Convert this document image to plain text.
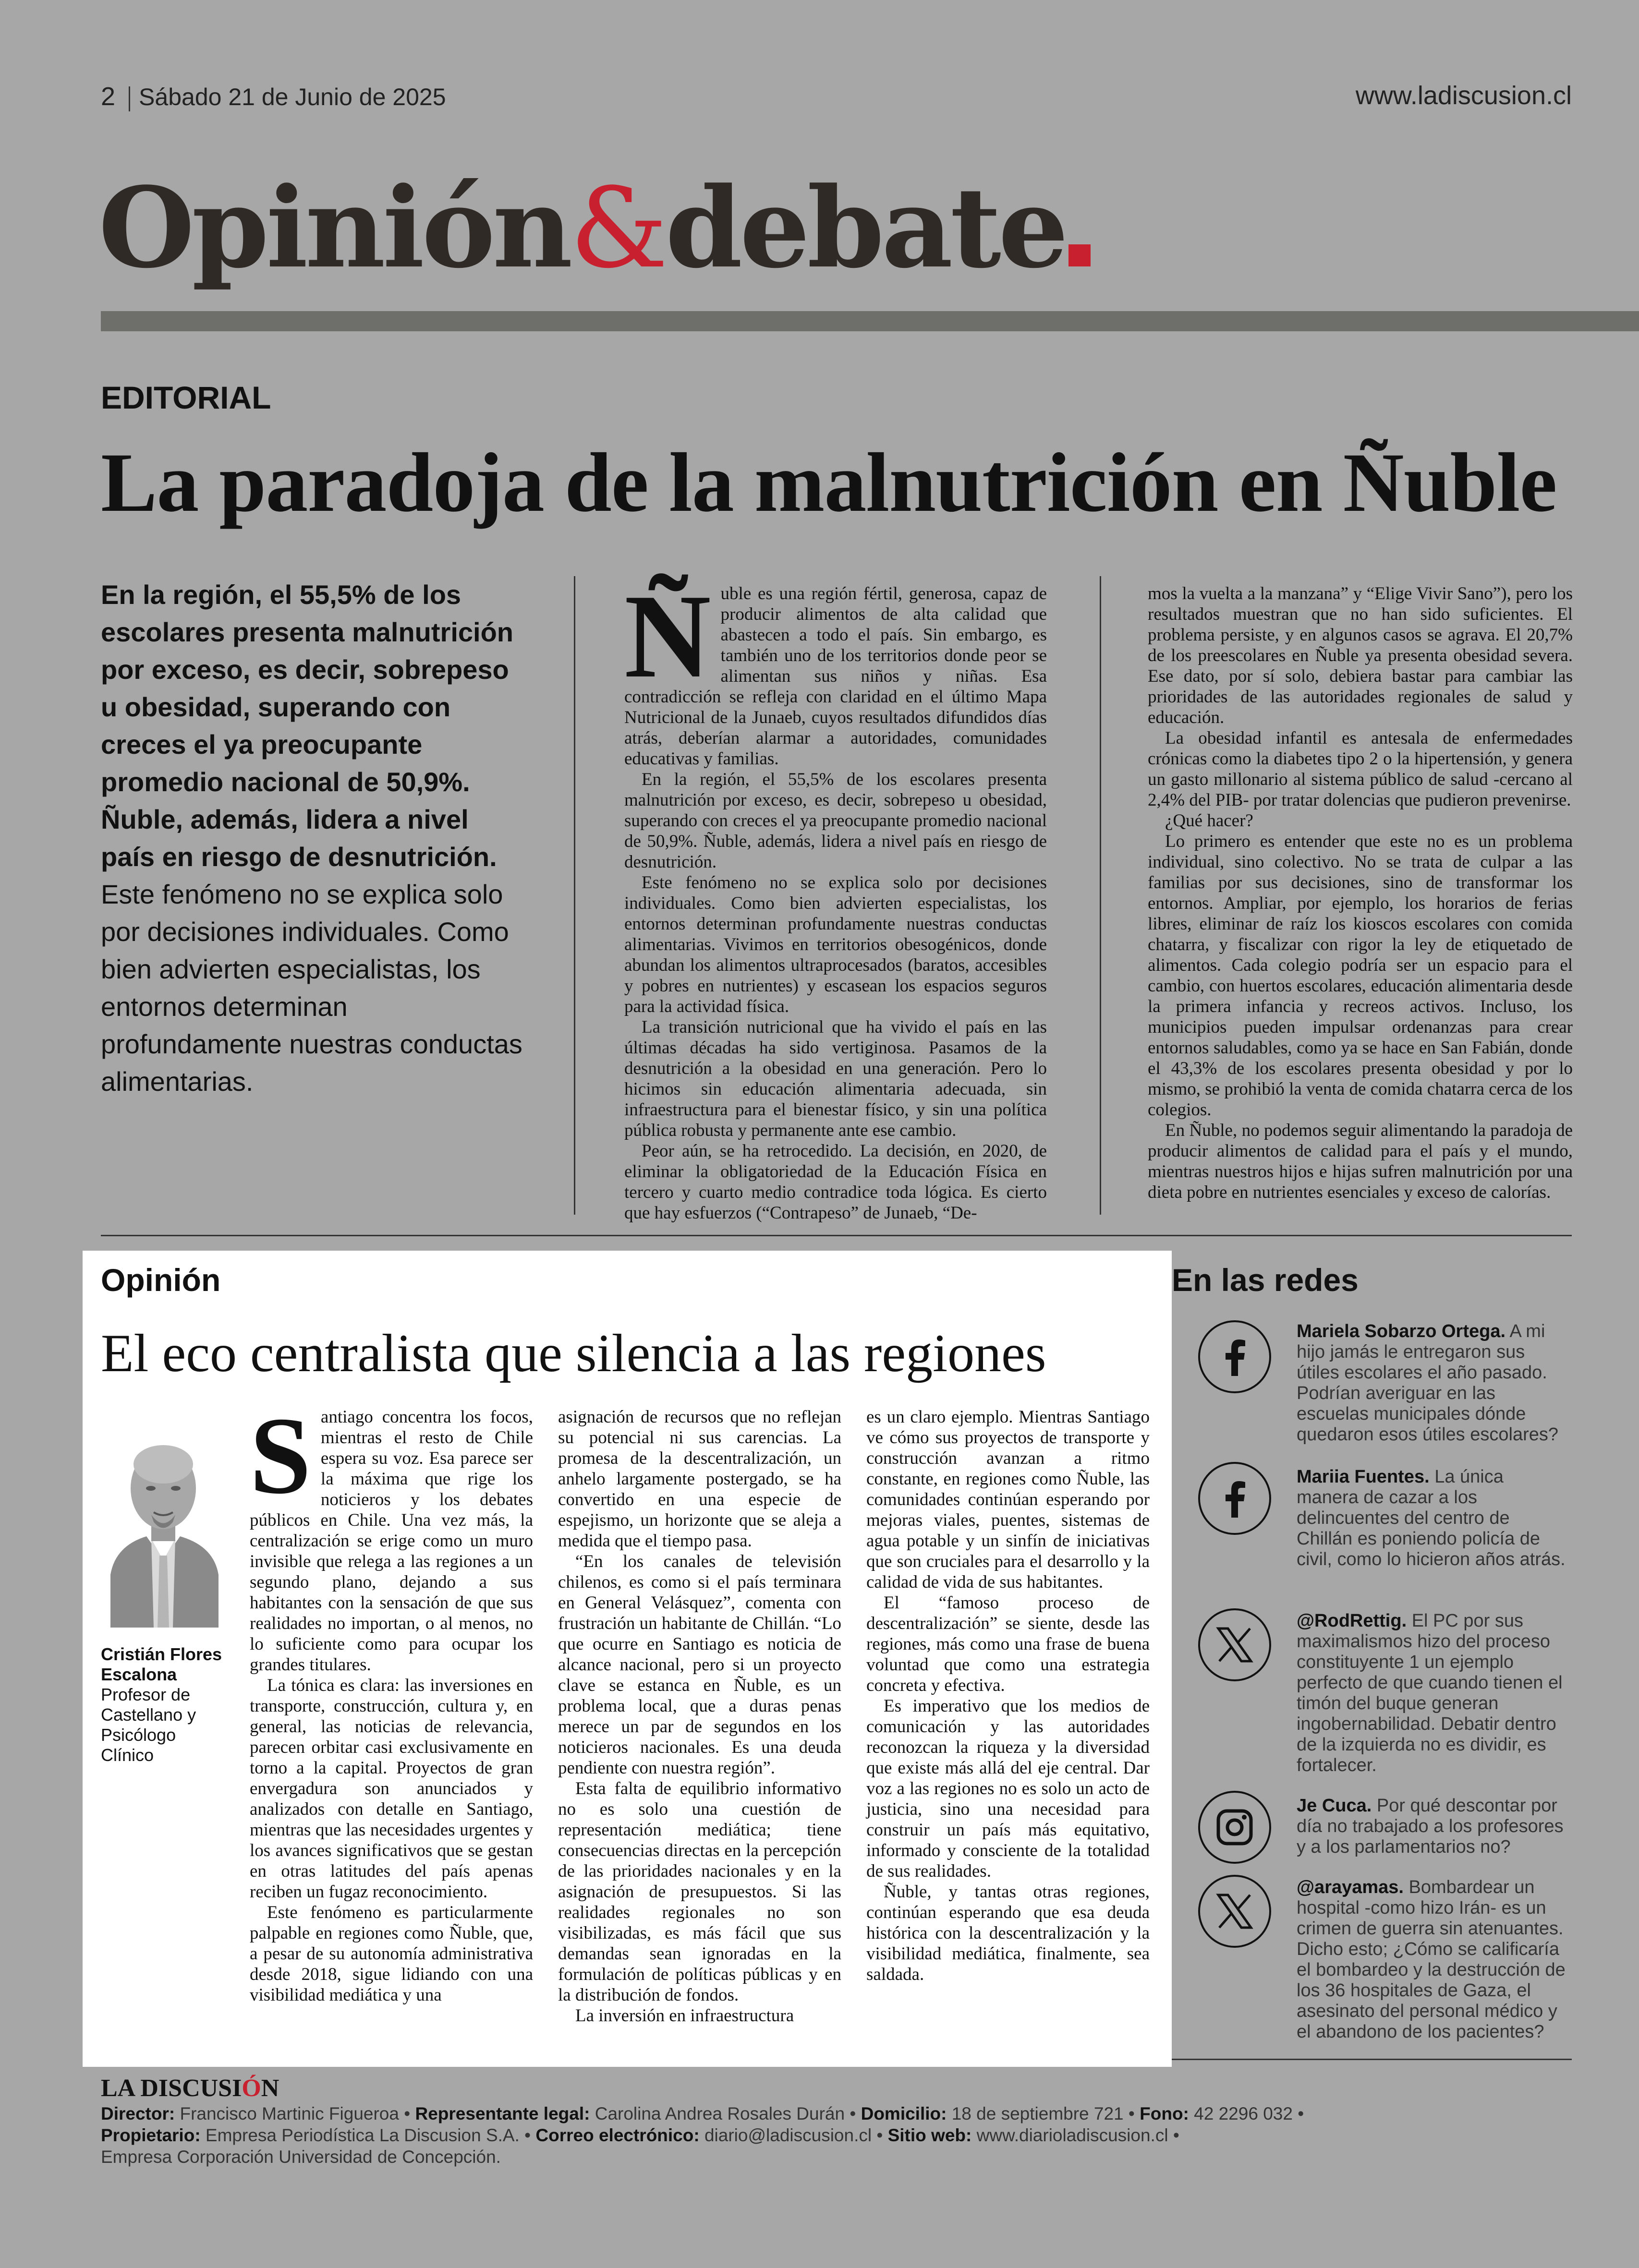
2 Sábado 21 de Junio de 2025	www.ladiscusion.cl
Opinión&debate
EDITORIAL
La paradoja de la malnutrición en Ñuble
En la región, el 55,5% de los escolares presenta malnutrición por exceso, es decir, sobrepeso u obesidad, superando con creces el ya preocupante promedio nacional de 50,9%. Ñuble, además, lidera a nivel país en riesgo de desnutrición. Este fenómeno no se explica solo por decisiones individuales. Como bien advierten especialistas, los entornos determinan profundamente nuestras conductas alimentarias.
Ñ uble es una región fértil, generosa, capaz de producir alimentos de alta calidad que abastecen a todo el país. Sin embargo, es también uno de los territorios donde peor se alimentan sus niños y niñas. Esa contradicción se refleja con claridad en el último Mapa Nutricional de la Junaeb, cuyos resultados difundidos días atrás, deberían alarmar a autoridades, comunidades educativas y familias.

En la región, el 55,5% de los escolares presenta malnutrición por exceso, es decir, sobrepeso u obesidad, superando con creces el ya preocupante promedio nacional de 50,9%. Ñuble, además, lidera a nivel país en riesgo de desnutrición.

Este fenómeno no se explica solo por decisiones individuales. Como bien advierten especialistas, los entornos determinan profundamente nuestras conductas alimentarias. Vivimos en territorios obesogénicos, donde abundan los alimentos ultraprocesados (baratos, accesibles y pobres en nutrientes) y escasean los espacios seguros para la actividad física.

La transición nutricional que ha vivido el país en las últimas décadas ha sido vertiginosa. Pasamos de la desnutrición a la obesidad en una generación. Pero lo hicimos sin educación alimentaria adecuada, sin infraestructura para el bienestar físico, y sin una política pública robusta y permanente ante ese cambio.

Peor aún, se ha retrocedido. La decisión, en 2020, de eliminar la obligatoriedad de la Educación Física en tercero y cuarto medio contradice toda lógica. Es cierto que hay esfuerzos (“Contrapeso” de Junaeb, “De-

mos la vuelta a la manzana” y “Elige Vivir Sano”), pero los resultados muestran que no han sido suficientes. El problema persiste, y en algunos casos se agrava. El 20,7% de los preescolares en Ñuble ya presenta obesidad severa. Ese dato, por sí solo, debiera bastar para cambiar las prioridades de las autoridades regionales de salud y educación.

La obesidad infantil es antesala de enfermedades crónicas como la diabetes tipo 2 o la hipertensión, y genera un gasto millonario al sistema público de salud -cercano al 2,4% del PIB- por tratar dolencias que pudieron prevenirse.

¿Qué hacer?

Lo primero es entender que este no es un problema individual, sino colectivo. No se trata de culpar a las familias por sus decisiones, sino de transformar los entornos. Ampliar, por ejemplo, los horarios de ferias libres, eliminar de raíz los kioscos escolares con comida chatarra, y fiscalizar con rigor la ley de etiquetado de alimentos. Cada colegio podría ser un espacio para el cambio, con huertos escolares, educación alimentaria desde la primera infancia y recreos activos. Incluso, los municipios pueden impulsar ordenanzas para crear entornos saludables, como ya se hace en San Fabián, donde el 43,3% de los escolares presenta obesidad y por lo mismo, se prohibió la venta de comida chatarra cerca de los colegios.

En Ñuble, no podemos seguir alimentando la paradoja de producir alimentos de calidad para el país y el mundo, mientras nuestros hijos e hijas sufren malnutrición por una dieta pobre en nutrientes esenciales y exceso de calorías.

Opinión
El eco centralista que silencia a las regiones
Cristián Flores Escalona
Profesor de Castellano y Psicólogo Clínico
S antiago concentra los focos, mientras el resto de Chile espera su voz. Esa parece ser la máxima que rige los noticieros y los debates públicos en Chile. Una vez más, la centralización se erige como un muro invisible que relega a las regiones a un segundo plano, dejando a sus habitantes con la sensación de que sus realidades no importan, o al menos, no lo suficiente como para ocupar los grandes titulares.

La tónica es clara: las inversiones en transporte, construcción, cultura y, en general, las noticias de relevancia, parecen orbitar casi exclusivamente en torno a la capital. Proyectos de gran envergadura son anunciados y analizados con detalle en Santiago, mientras que las necesidades urgentes y los avances significativos que se gestan en otras latitudes del país apenas reciben un fugaz reconocimiento.

Este fenómeno es particularmente palpable en regiones como Ñuble, que, a pesar de su autonomía administrativa desde 2018, sigue lidiando con una visibilidad mediática y una

asignación de recursos que no reflejan su potencial ni sus carencias. La promesa de la descentralización, un anhelo largamente postergado, se ha convertido en una especie de espejismo, un horizonte que se aleja a medida que el tiempo pasa.

“En los canales de televisión chilenos, es como si el país terminara en General Velásquez”, comenta con frustración un habitante de Chillán. “Lo que ocurre en Santiago es noticia de alcance nacional, pero si un proyecto clave se estanca en Ñuble, es un problema local, que a duras penas merece un par de segundos en los noticieros nacionales. Es una deuda pendiente con nuestra región”.

Esta falta de equilibrio informativo no es solo una cuestión de representación mediática; tiene consecuencias directas en la percepción de las prioridades nacionales y en la asignación de presupuestos. Si las realidades regionales no son visibilizadas, es más fácil que sus demandas sean ignoradas en la formulación de políticas públicas y en la distribución de fondos.

La inversión en infraestructura

es un claro ejemplo. Mientras Santiago ve cómo sus proyectos de transporte y construcción avanzan a ritmo constante, en regiones como Ñuble, las comunidades continúan esperando por mejoras viales, puentes, sistemas de agua potable y un sinfín de iniciativas que son cruciales para el desarrollo y la calidad de vida de sus habitantes.

El “famoso proceso de descentralización” se siente, desde las regiones, más como una frase de buena voluntad que como una estrategia concreta y efectiva.

Es imperativo que los medios de comunicación y las autoridades reconozcan la riqueza y la diversidad que existe más allá del eje central. Dar voz a las regiones no es solo un acto de justicia, sino una necesidad para construir un país más equitativo, informado y consciente de la totalidad de sus realidades.

Ñuble, y tantas otras regiones, continúan esperando que esa deuda histórica con la descentralización y la visibilidad mediática, finalmente, sea saldada.

En las redes
Mariela Sobarzo Ortega. A mi hijo jamás le entregaron sus útiles escolares el año pasado. Podrían averiguar en las escuelas municipales dónde quedaron esos útiles escolares?
Mariia Fuentes. La única manera de cazar a los delincuentes del centro de Chillán es poniendo policía de civil, como lo hicieron años atrás.
@RodRettig. El PC por sus maximalismos hizo del proceso constituyente 1 un ejemplo perfecto de que cuando tienen el timón del buque generan ingobernabilidad. Debatir dentro de la izquierda no es dividir, es fortalecer.
Je Cuca. Por qué descontar por día no trabajado a los profesores y a los parlamentarios no?
@arayamas. Bombardear un hospital -como hizo Irán- es un crimen de guerra sin atenuantes. Dicho esto; ¿Cómo se calificaría el bombardeo y la destrucción de los 36 hospitales de Gaza, el asesinato del personal médico y el abandono de los pacientes?
LA DISCUSIÓN
Director: Francisco Martinic Figueroa • Representante legal: Carolina Andrea Rosales Durán • Domicilio: 18 de septiembre 721 • Fono: 42 2296 032 •
Propietario: Empresa Periodística La Discusion S.A. • Correo electrónico: diario@ladiscusion.cl • Sitio web: www.diarioladiscusion.cl •
Empresa Corporación Universidad de Concepción.
